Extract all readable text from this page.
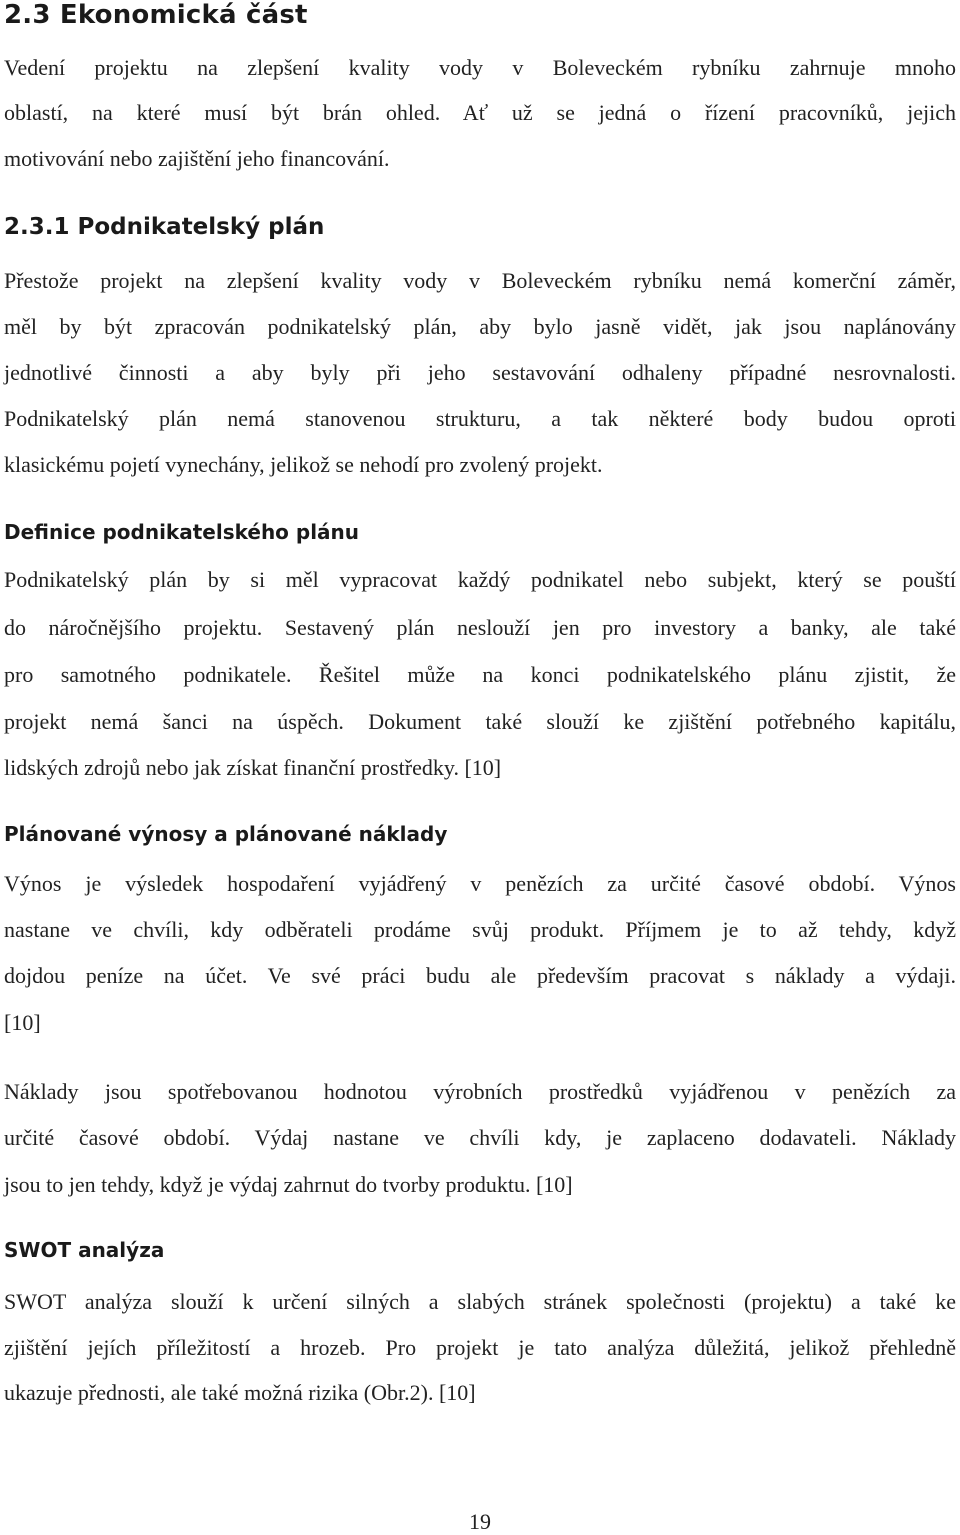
2.3 Ekonomická část

Vedení projektu na zlepšení kvality vody v Boleveckém rybníku zahrnuje mnoho

oblastí, na které musí být brán ohled. Ať už se jedná o řízení pracovníků, jejich

motivování nebo zajištění jeho financování.

2.3.1 Podnikatelský plán

Přestože projekt na zlepšení kvality vody v Boleveckém rybníku nemá komerční záměr,

měl by být zpracován podnikatelský plán, aby bylo jasně vidět, jak jsou naplánovány

jednotlivé činnosti a aby byly při jeho sestavování odhaleny případné nesrovnalosti.

Podnikatelský plán nemá stanovenou strukturu, a tak některé body budou oproti

klasickému pojetí vynechány, jelikož se nehodí pro zvolený projekt.

Definice podnikatelského plánu

Podnikatelský plán by si měl vypracovat každý podnikatel nebo subjekt, který se pouští

do náročnějšího projektu. Sestavený plán neslouží jen pro investory a banky, ale také

pro samotného podnikatele. Řešitel může na konci podnikatelského plánu zjistit, že

projekt nemá šanci na úspěch. Dokument také slouží ke zjištění potřebného kapitálu,

lidských zdrojů nebo jak získat finanční prostředky. [10]

Plánované výnosy a plánované náklady

Výnos je výsledek hospodaření vyjádřený v penězích za určité časové období. Výnos

nastane ve chvíli, kdy odběrateli prodáme svůj produkt. Příjmem je to až tehdy, když

dojdou peníze na účet. Ve své práci budu ale především pracovat s náklady a výdaji.

[10]

Náklady jsou spotřebovanou hodnotou výrobních prostředků vyjádřenou v penězích za

určité časové období. Výdaj nastane ve chvíli kdy, je zaplaceno dodavateli. Náklady

jsou to jen tehdy, když je výdaj zahrnut do tvorby produktu. [10]

SWOT analýza

SWOT analýza slouží k určení silných a slabých stránek společnosti (projektu) a také ke

zjištění jejích příležitostí a hrozeb. Pro projekt je tato analýza důležitá, jelikož přehledně

ukazuje přednosti, ale také možná rizika (Obr.2). [10]

19
